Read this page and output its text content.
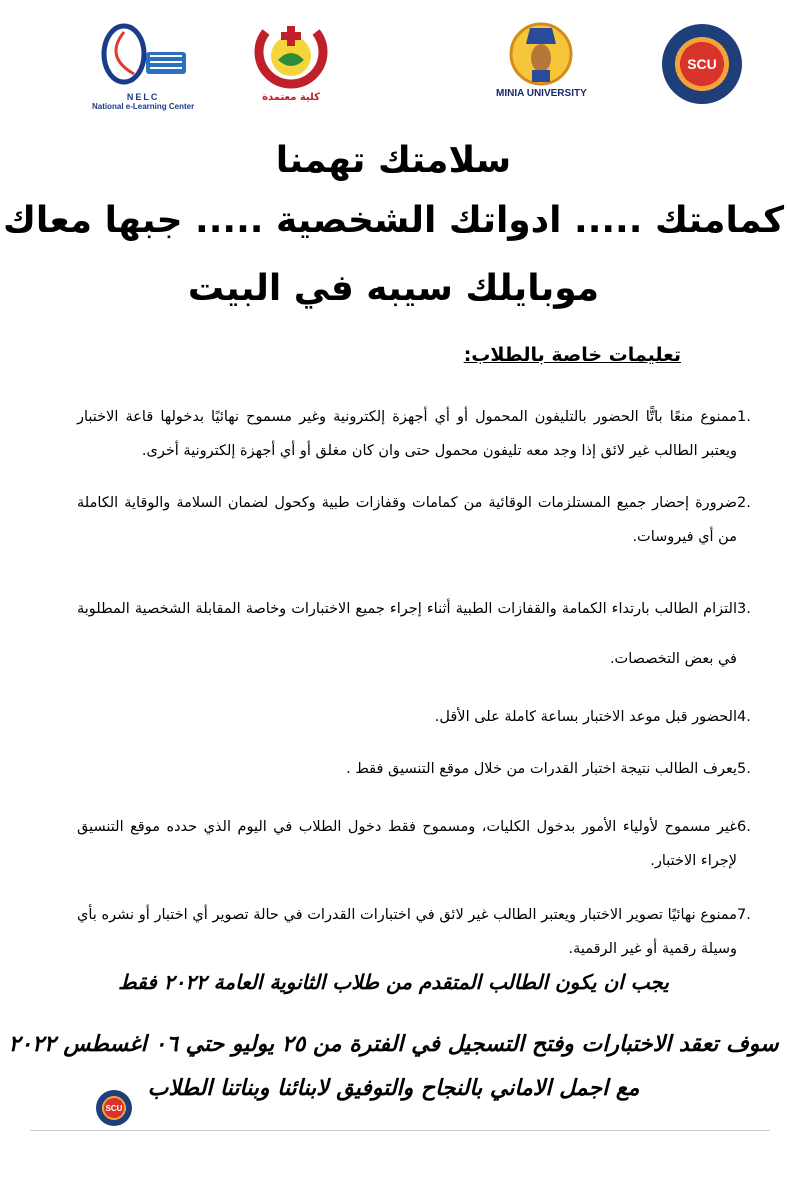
NELC
National e-Learning Center
كلية معتمدة	MINIA UNIVERSITY
SCU
سلامتك تهمنا
كمامتك ..... ادواتك الشخصية ..... جبها معاك
موبايلك سيبه في البيت
تعليمات خاصة بالطلاب:
1.
ممنوع منعًا باتًّا الحضور بالتليفون المحمول أو أي أجهزة إلكترونية وغير مسموح نهائيًا بدخولها قاعة الاختبار ويعتبر الطالب غير لائق إذا وجد معه تليفون محمول حتى وان كان مغلق أو أي أجهزة إلكترونية أخرى.
2.
ضرورة إحضار جميع المستلزمات الوقائية من كمامات وقفازات طبية وكحول لضمان السلامة والوقاية الكاملة من أي فيروسات.
3.
التزام الطالب بارتداء الكمامة والقفازات الطبية أثناء إجراء جميع الاختبارات وخاصة المقابلة الشخصية المطلوبة في بعض التخصصات.
4.
الحضور قبل موعد الاختبار بساعة كاملة على الأقل.
5.
يعرف الطالب نتيجة اختبار القدرات من خلال موقع التنسيق فقط .
6.
غير مسموح لأولياء الأمور بدخول الكليات، ومسموح فقط دخول الطلاب في اليوم الذي حدده موقع التنسيق لإجراء الاختبار.
7.
ممنوع نهائيًا تصوير الاختبار ويعتبر الطالب غير لائق في اختبارات القدرات في حالة تصوير أي اختبار أو نشره بأي وسيلة رقمية أو غير الرقمية.
يجب ان يكون الطالب المتقدم من طلاب الثانوية العامة ٢٠٢٢ فقط
سوف تعقد الاختبارات وفتح التسجيل في الفترة من ٢٥ يوليو حتي ٠٦ اغسطس ٢٠٢٢
مع اجمل الاماني بالنجاح والتوفيق لابنائنا وبناتنا الطلاب
SCU
